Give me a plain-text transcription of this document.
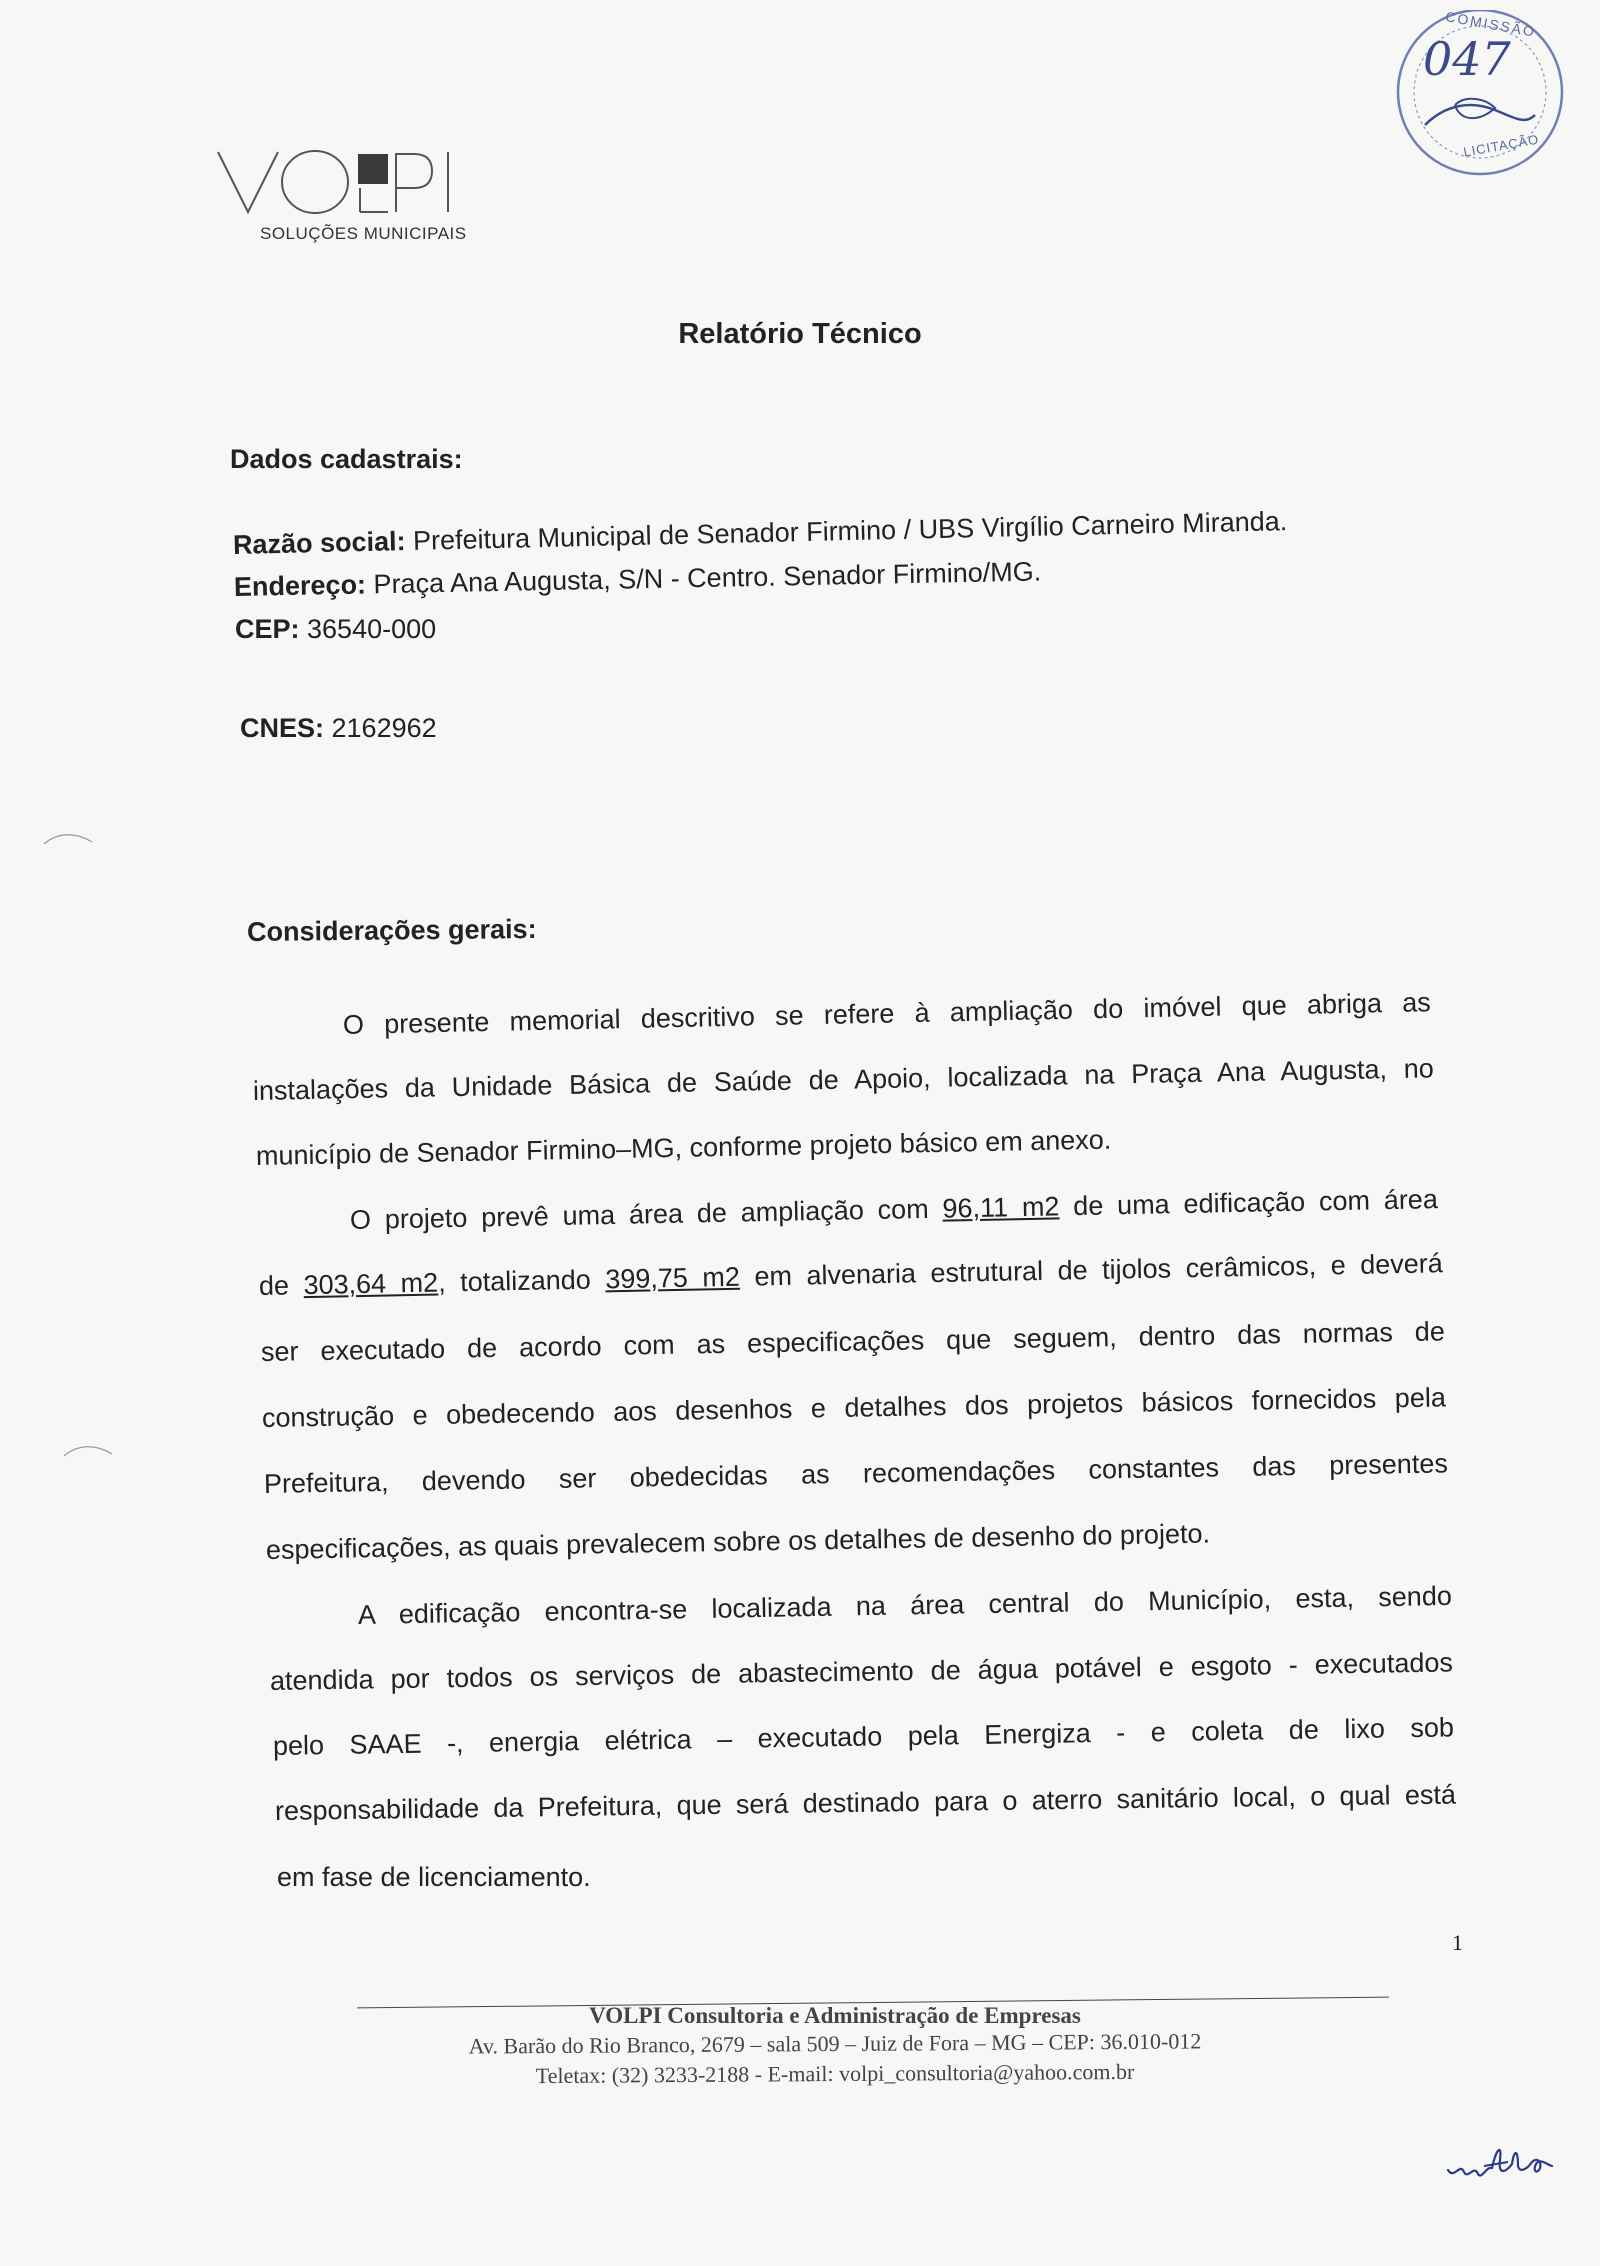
SOLUÇÕES MUNICIPAIS
COMISSÃO
047
LICITAÇÃO
Relatório Técnico
Dados cadastrais:
Razão social: Prefeitura Municipal de Senador Firmino / UBS Virgílio Carneiro Miranda.
Endereço: Praça Ana Augusta, S/N - Centro. Senador Firmino/MG.
CEP: 36540-000
CNES: 2162962
Considerações gerais:
O presente memorial descritivo se refere à ampliação do imóvel que abriga as
instalações da Unidade Básica de Saúde de Apoio, localizada na Praça Ana Augusta, no
município de Senador Firmino–MG, conforme projeto básico em anexo.
O projeto prevê uma área de ampliação com 96,11 m2 de uma edificação com área
de 303,64 m2, totalizando 399,75 m2 em alvenaria estrutural de tijolos cerâmicos, e deverá
ser executado de acordo com as especificações que seguem, dentro das normas de
construção e obedecendo aos desenhos e detalhes dos projetos básicos fornecidos pela
Prefeitura, devendo ser obedecidas as recomendações constantes das presentes
especificações, as quais prevalecem sobre os detalhes de desenho do projeto.
A edificação encontra-se localizada na área central do Município, esta, sendo
atendida por todos os serviços de abastecimento de água potável e esgoto - executados
pelo SAAE -, energia elétrica – executado pela Energiza - e coleta de lixo sob
responsabilidade da Prefeitura, que será destinado para o aterro sanitário local, o qual está
em fase de licenciamento.
1
VOLPI Consultoria e Administração de Empresas
Av. Barão do Rio Branco, 2679 – sala 509 – Juiz de Fora – MG – CEP: 36.010-012
Teletax: (32) 3233-2188 - E-mail: volpi_consultoria@yahoo.com.br
